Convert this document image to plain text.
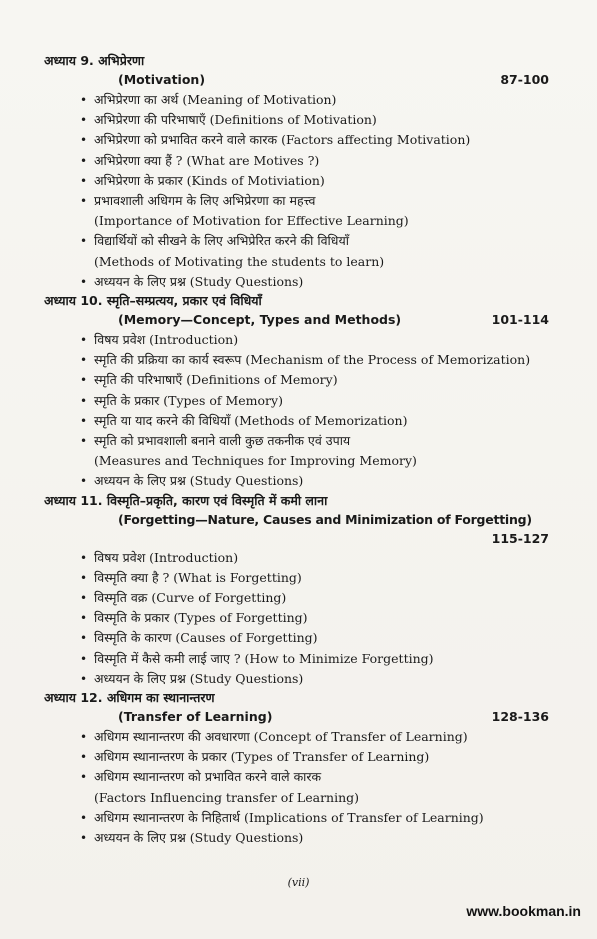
अध्याय 9. अभिप्रेरणा
(Motivation)	87-100
• अभिप्रेरणा का अर्थ (Meaning of Motivation)
• अभिप्रेरणा की परिभाषाएँ (Definitions of Motivation)
• अभिप्रेरणा को प्रभावित करने वाले कारक (Factors affecting Motivation)
• अभिप्रेरणा क्या हैं ? (What are Motives ?)
• अभिप्रेरणा के प्रकार (Kinds of Motiviation)
• प्रभावशाली अधिगम के लिए अभिप्रेरणा का महत्त्व
(Importance of Motivation for Effective Learning)
• विद्यार्थियों को सीखने के लिए अभिप्रेरित करने की विधियाँ
(Methods of Motivating the students to learn)
• अध्ययन के लिए प्रश्न (Study Questions)
अध्याय 10. स्मृति–सम्प्रत्यय, प्रकार एवं विधियाँ
(Memory—Concept, Types and Methods)	101-114
• विषय प्रवेश (Introduction)
• स्मृति की प्रक्रिया का कार्य स्वरूप (Mechanism of the Process of Memorization)
• स्मृति की परिभाषाएँ (Definitions of Memory)
• स्मृति के प्रकार (Types of Memory)
• स्मृति या याद करने की विधियाँ (Methods of Memorization)
• स्मृति को प्रभावशाली बनाने वाली कुछ तकनीक एवं उपाय
(Measures and Techniques for Improving Memory)
• अध्ययन के लिए प्रश्न (Study Questions)
अध्याय 11. विस्मृति–प्रकृति, कारण एवं विस्मृति में कमी लाना
(Forgetting—Nature, Causes and Minimization of Forgetting)
115-127
• विषय प्रवेश (Introduction)
• विस्मृति क्या है ? (What is Forgetting)
• विस्मृति वक्र (Curve of Forgetting)
• विस्मृति के प्रकार (Types of Forgetting)
• विस्मृति के कारण (Causes of Forgetting)
• विस्मृति में कैसे कमी लाई जाए ? (How to Minimize Forgetting)
• अध्ययन के लिए प्रश्न (Study Questions)
अध्याय 12. अधिगम का स्थानान्तरण
(Transfer of Learning)	128-136
• अधिगम स्थानान्तरण की अवधारणा (Concept of Transfer of Learning)
• अधिगम स्थानान्तरण के प्रकार (Types of Transfer of Learning)
• अधिगम स्थानान्तरण को प्रभावित करने वाले कारक
(Factors Influencing transfer of Learning)
• अधिगम स्थानान्तरण के निहितार्थ (Implications of Transfer of Learning)
• अध्ययन के लिए प्रश्न (Study Questions)
(vii)
www.bookman.in
